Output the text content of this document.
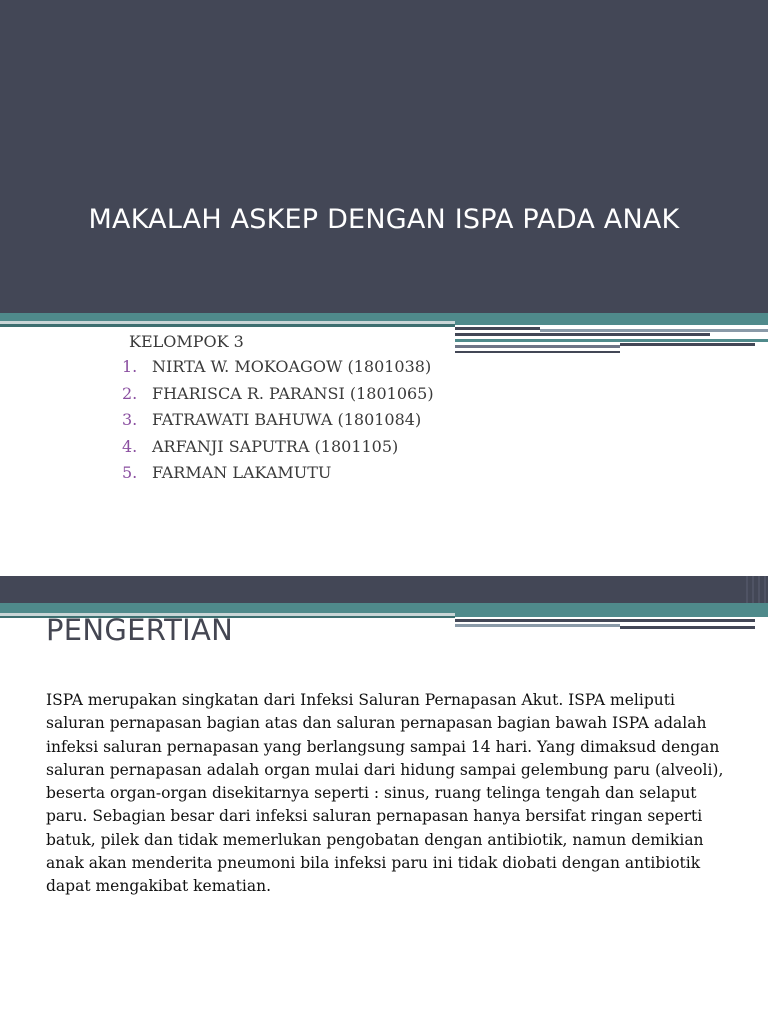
MAKALAH ASKEP DENGAN ISPA PADA ANAK
KELOMPOK 3
1. NIRTA W. MOKOAGOW (1801038)
2. FHARISCA R. PARANSI (1801065)
3. FATRAWATI BAHUWA (1801084)
4. ARFANJI SAPUTRA (1801105)
5. FARMAN LAKAMUTU
PENGERTIAN

ISPA merupakan singkatan dari Infeksi Saluran Pernapasan Akut. ISPA meliputi saluran pernapasan bagian atas dan saluran pernapasan bagian bawah ISPA adalah infeksi saluran pernapasan yang berlangsung sampai 14 hari. Yang dimaksud dengan saluran pernapasan adalah organ mulai dari hidung sampai gelembung paru (alveoli), beserta organ-organ disekitarnya seperti : sinus, ruang telinga tengah dan selaput paru. Sebagian besar dari infeksi saluran pernapasan hanya bersifat ringan seperti batuk, pilek dan tidak memerlukan pengobatan dengan antibiotik, namun demikian anak akan menderita pneumoni bila infeksi paru ini tidak diobati dengan antibiotik dapat mengakibat kematian.
